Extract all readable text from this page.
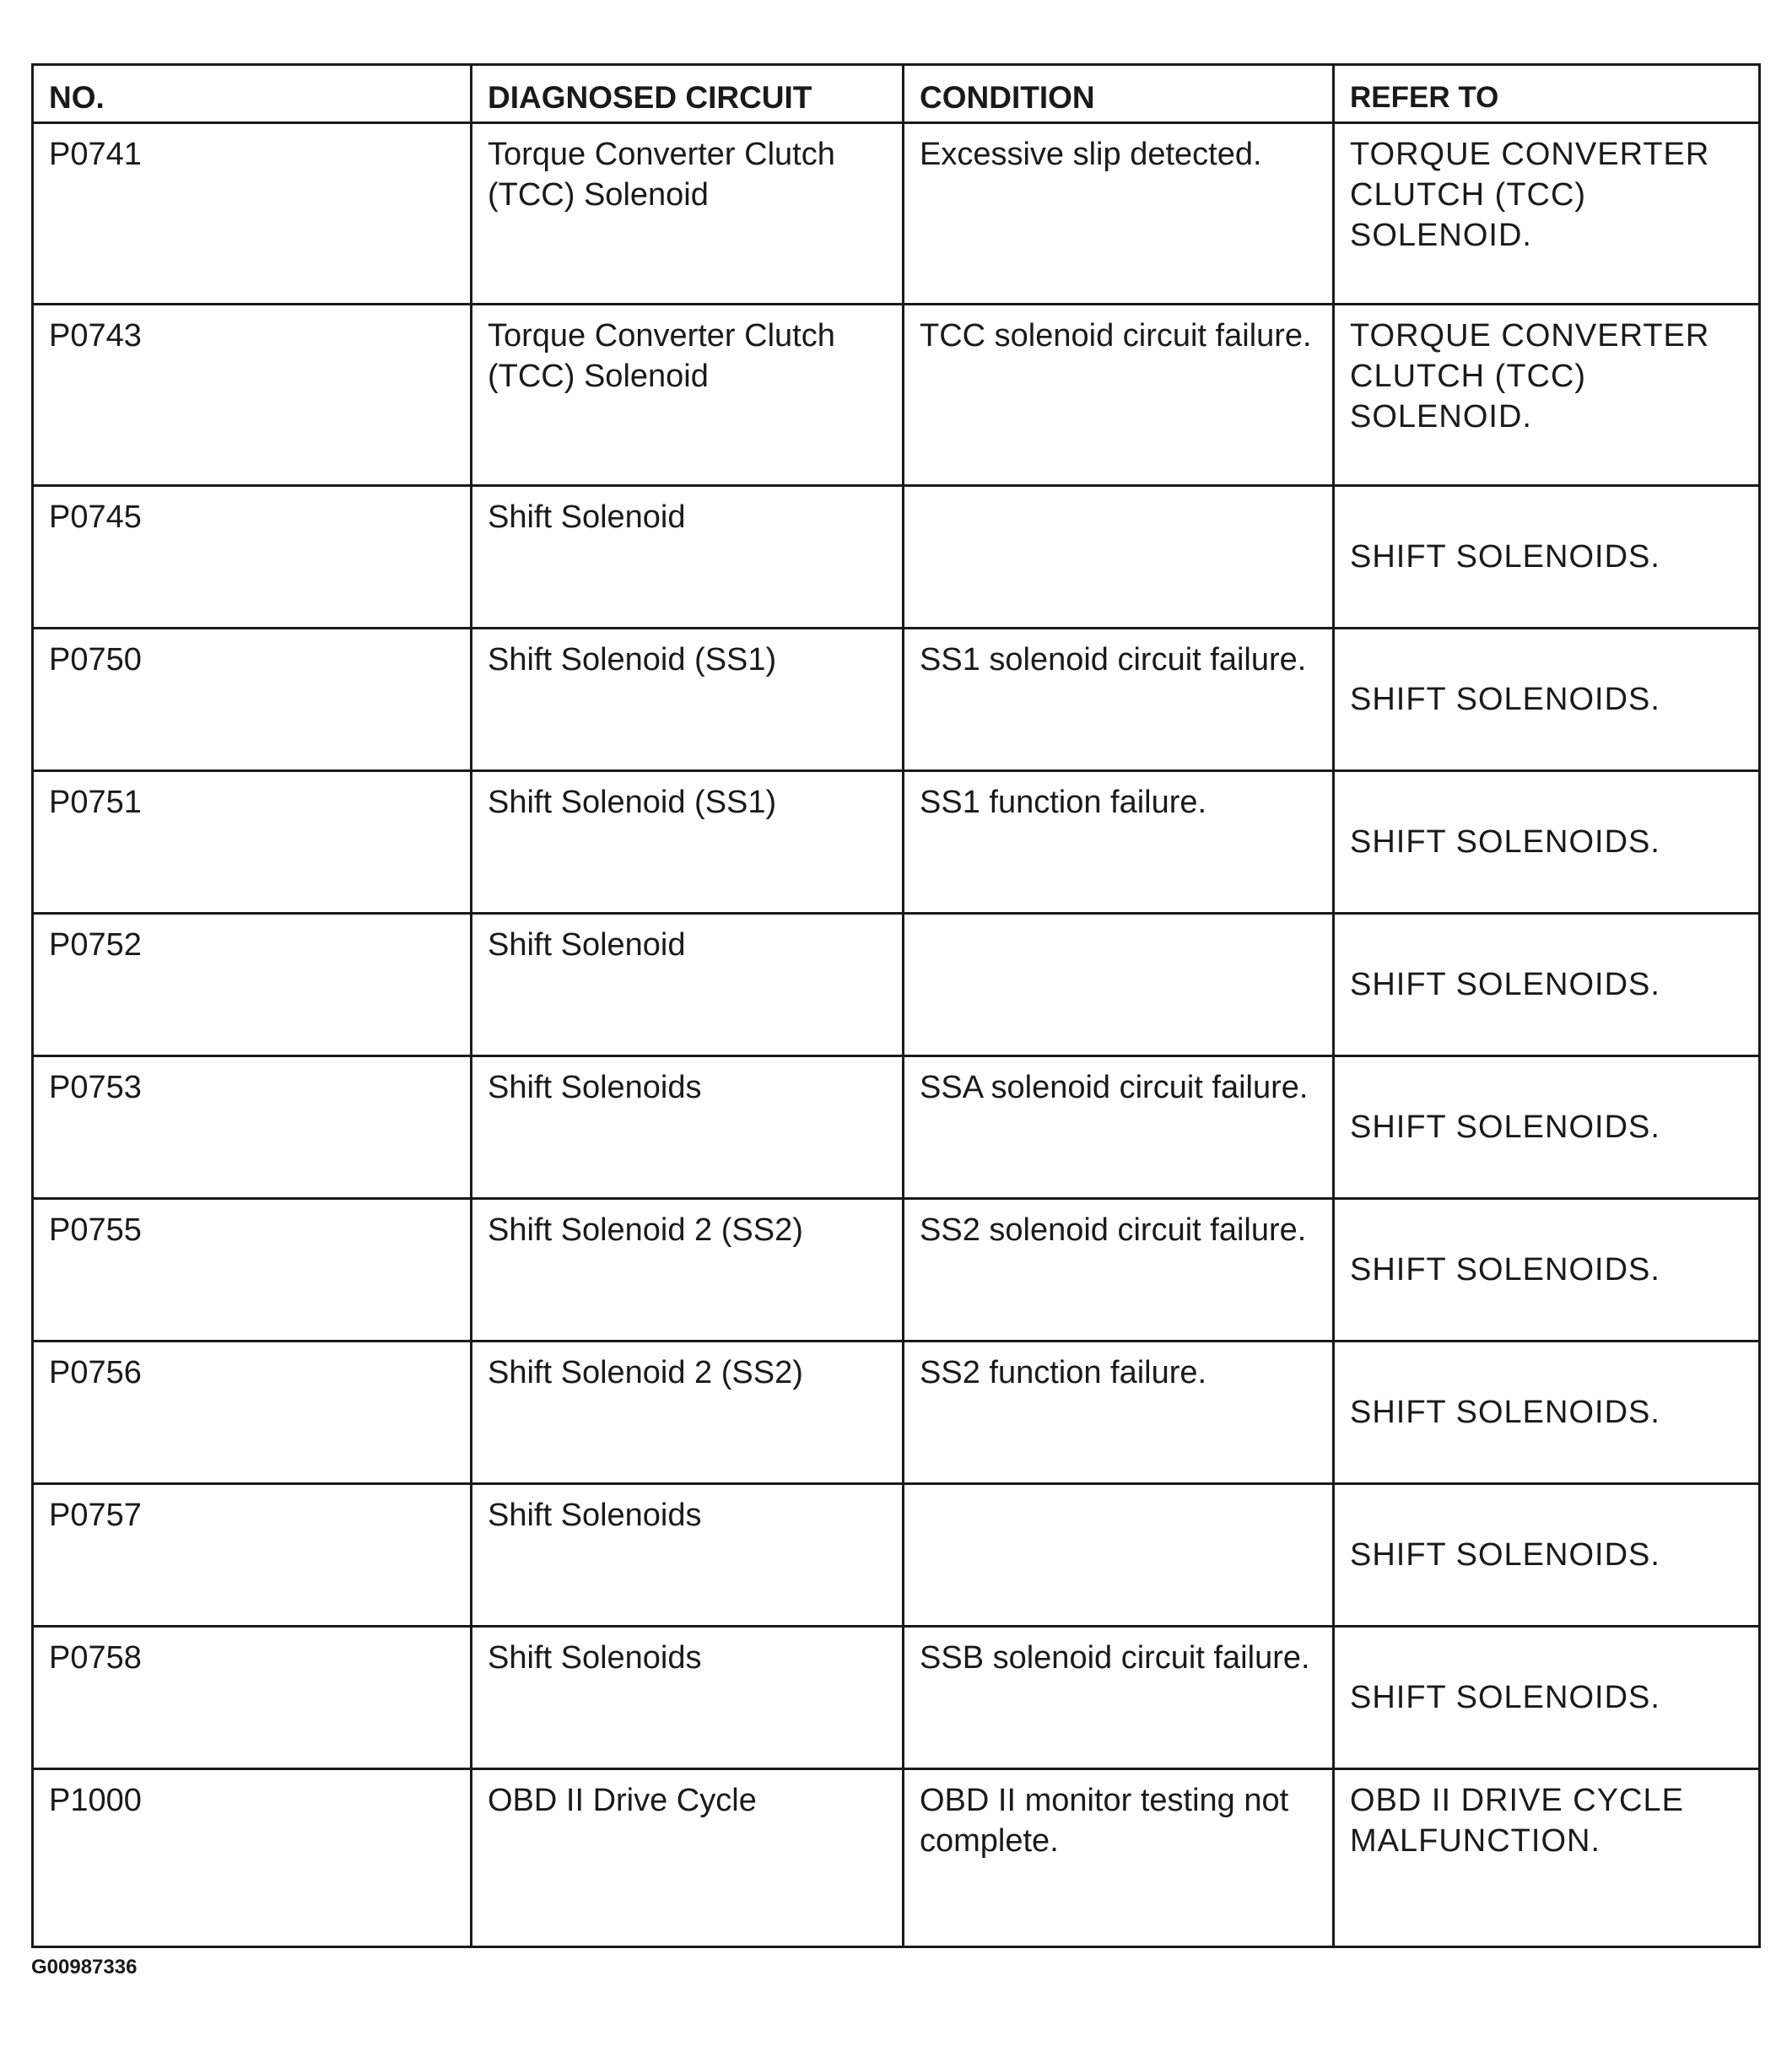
NO.	DIAGNOSED CIRCUIT	CONDITION	REFER TO
P0741	Torque Converter Clutch (TCC) Solenoid	Excessive slip detected.	TORQUE CONVERTER CLUTCH (TCC) SOLENOID.
P0743	Torque Converter Clutch (TCC) Solenoid	TCC solenoid circuit failure.	TORQUE CONVERTER CLUTCH (TCC) SOLENOID.
P0745	Shift Solenoid		SHIFT SOLENOIDS.
P0750	Shift Solenoid (SS1)	SS1 solenoid circuit failure.	SHIFT SOLENOIDS.
P0751	Shift Solenoid (SS1)	SS1 function failure.	SHIFT SOLENOIDS.
P0752	Shift Solenoid		SHIFT SOLENOIDS.
P0753	Shift Solenoids	SSA solenoid circuit failure.	SHIFT SOLENOIDS.
P0755	Shift Solenoid 2 (SS2)	SS2 solenoid circuit failure.	SHIFT SOLENOIDS.
P0756	Shift Solenoid 2 (SS2)	SS2 function failure.	SHIFT SOLENOIDS.
P0757	Shift Solenoids		SHIFT SOLENOIDS.
P0758	Shift Solenoids	SSB solenoid circuit failure.	SHIFT SOLENOIDS.
P1000	OBD II Drive Cycle	OBD II monitor testing not complete.	OBD II DRIVE CYCLE MALFUNCTION.
G00987336
